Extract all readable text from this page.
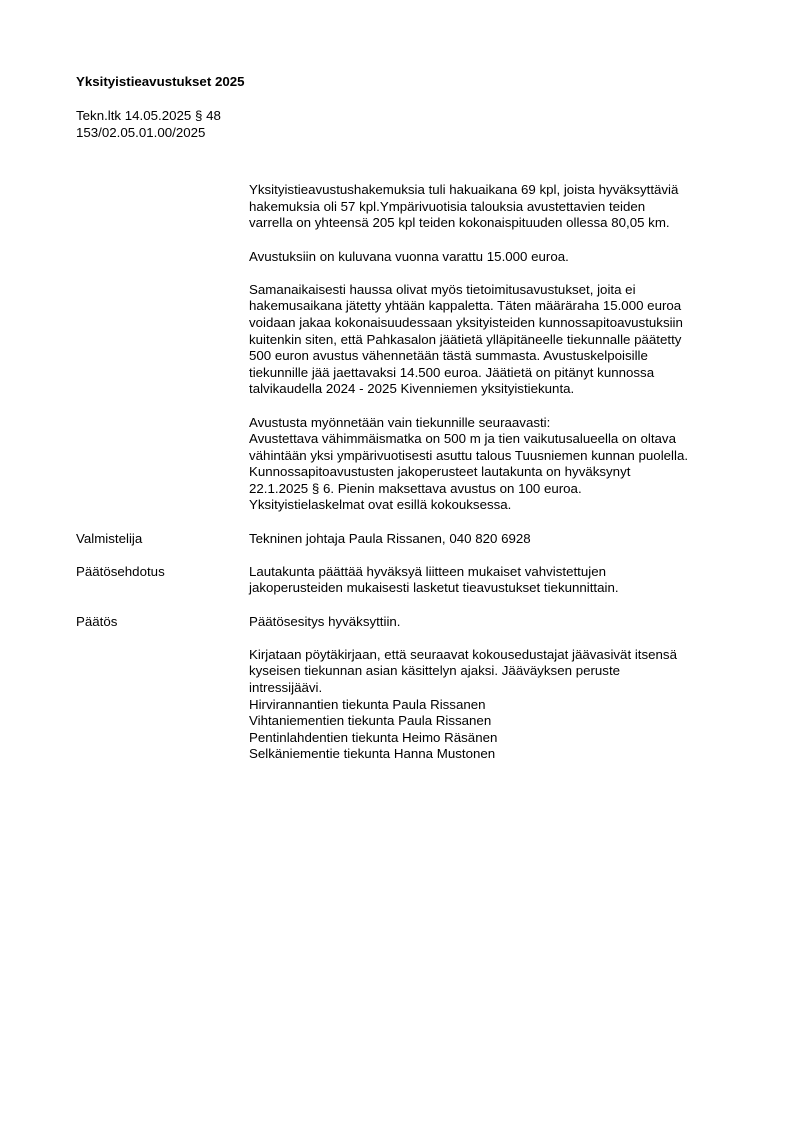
Yksityistieavustukset 2025
Tekn.ltk 14.05.2025 § 48
153/02.05.01.00/2025

Yksityistieavustushakemuksia tuli hakuaikana 69 kpl, joista hyväksyttäviä
hakemuksia oli 57 kpl.Ympärivuotisia talouksia avustettavien teiden
varrella on yhteensä 205 kpl teiden kokonaispituuden ollessa 80,05 km.

Avustuksiin on kuluvana vuonna varattu 15.000 euroa.

Samanaikaisesti haussa olivat myös tietoimitusavustukset, joita ei
hakemusaikana jätetty yhtään kappaletta. Täten määräraha 15.000 euroa
voidaan jakaa kokonaisuudessaan yksityisteiden kunnossapitoavustuksiin
kuitenkin siten, että Pahkasalon jäätietä ylläpitäneelle tiekunnalle päätetty
500 euron avustus vähennetään tästä summasta. Avustuskelpoisille
tiekunnille jää jaettavaksi 14.500 euroa. Jäätietä on pitänyt kunnossa
talvikaudella 2024 - 2025 Kivenniemen yksityistiekunta.

Avustusta myönnetään vain tiekunnille seuraavasti:
Avustettava vähimmäismatka on 500 m ja tien vaikutusalueella on oltava
vähintään yksi ympärivuotisesti asuttu talous Tuusniemen kunnan puolella.
Kunnossapitoavustusten jakoperusteet lautakunta on hyväksynyt
22.1.2025 § 6. Pienin maksettava avustus on 100 euroa.
Yksityistielaskelmat ovat esillä kokouksessa.

Valmistelija	Tekninen johtaja Paula Rissanen, 040 820 6928
Päätösehdotus	Lautakunta päättää hyväksyä liitteen mukaiset vahvistettujen
jakoperusteiden mukaisesti lasketut tieavustukset tiekunnittain.
Päätös	Päätösesitys hyväksyttiin.

Kirjataan pöytäkirjaan, että seuraavat kokousedustajat jäävasivät itsensä
kyseisen tiekunnan asian käsittelyn ajaksi. Jääväyksen peruste
intressijäävi.
Hirvirannantien tiekunta Paula Rissanen
Vihtaniementien tiekunta Paula Rissanen
Pentinlahdentien tiekunta Heimo Räsänen
Selkäniementie tiekunta Hanna Mustonen
